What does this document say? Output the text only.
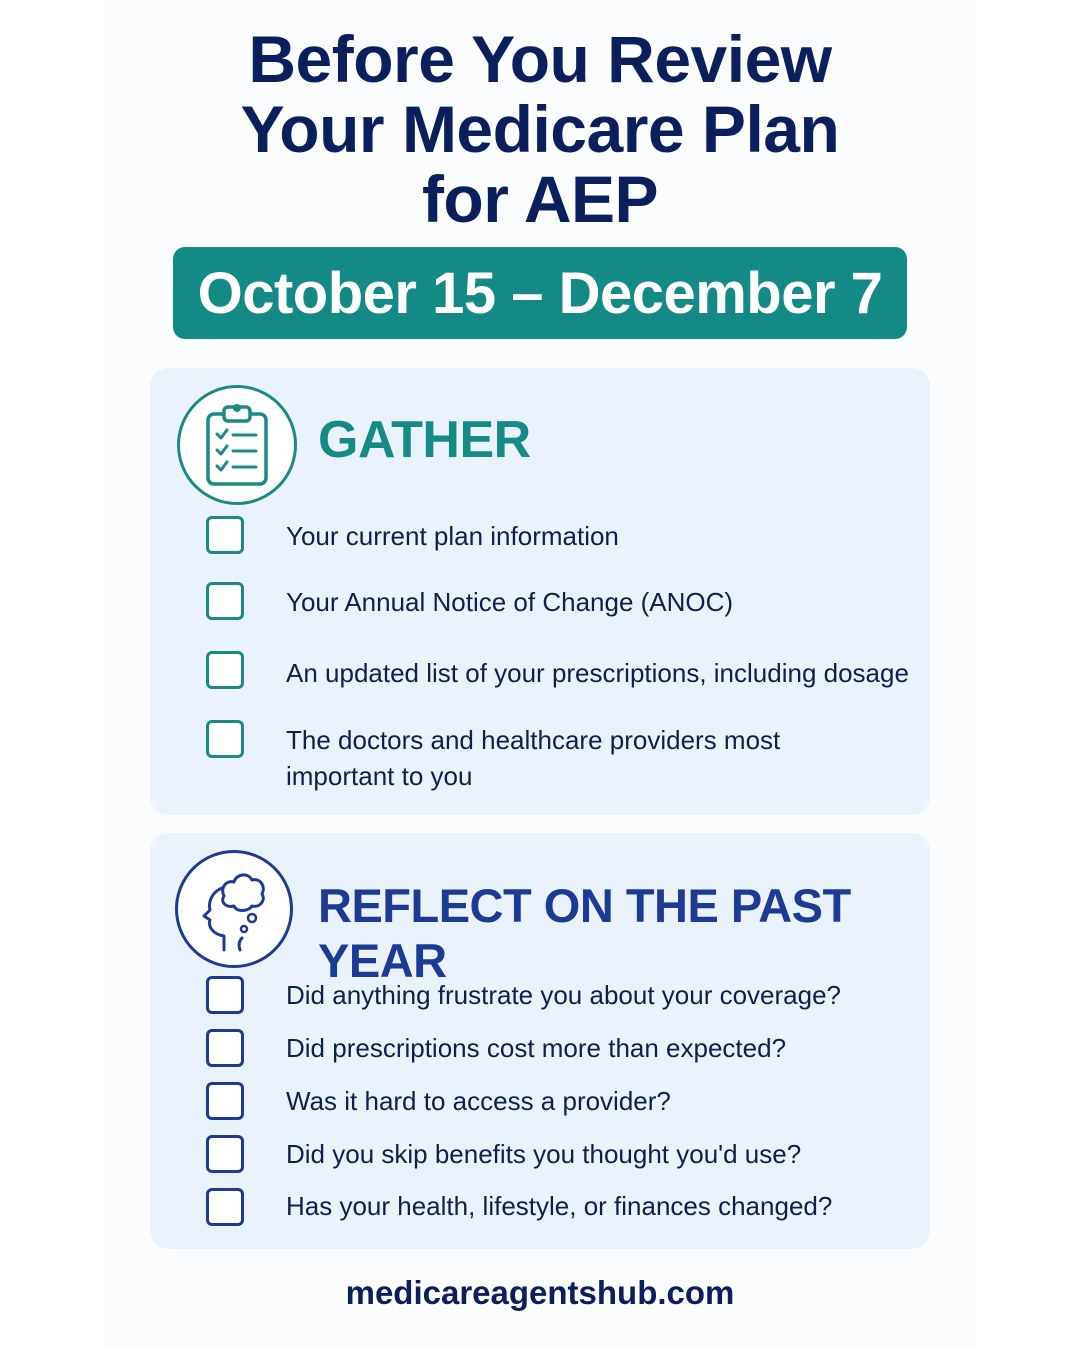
Before You Review
Your Medicare Plan
for AEP
October 15 – December 7
GATHER
Your current plan information
Your Annual Notice of Change (ANOC)
An updated list of your prescriptions, including dosage
The doctors and healthcare providers most important to you
REFLECT ON THE PAST YEAR
Did anything frustrate you about your coverage?
Did prescriptions cost more than expected?
Was it hard to access a provider?
Did you skip benefits you thought you'd use?
Has your health, lifestyle, or finances changed?
medicareagentshub.com
